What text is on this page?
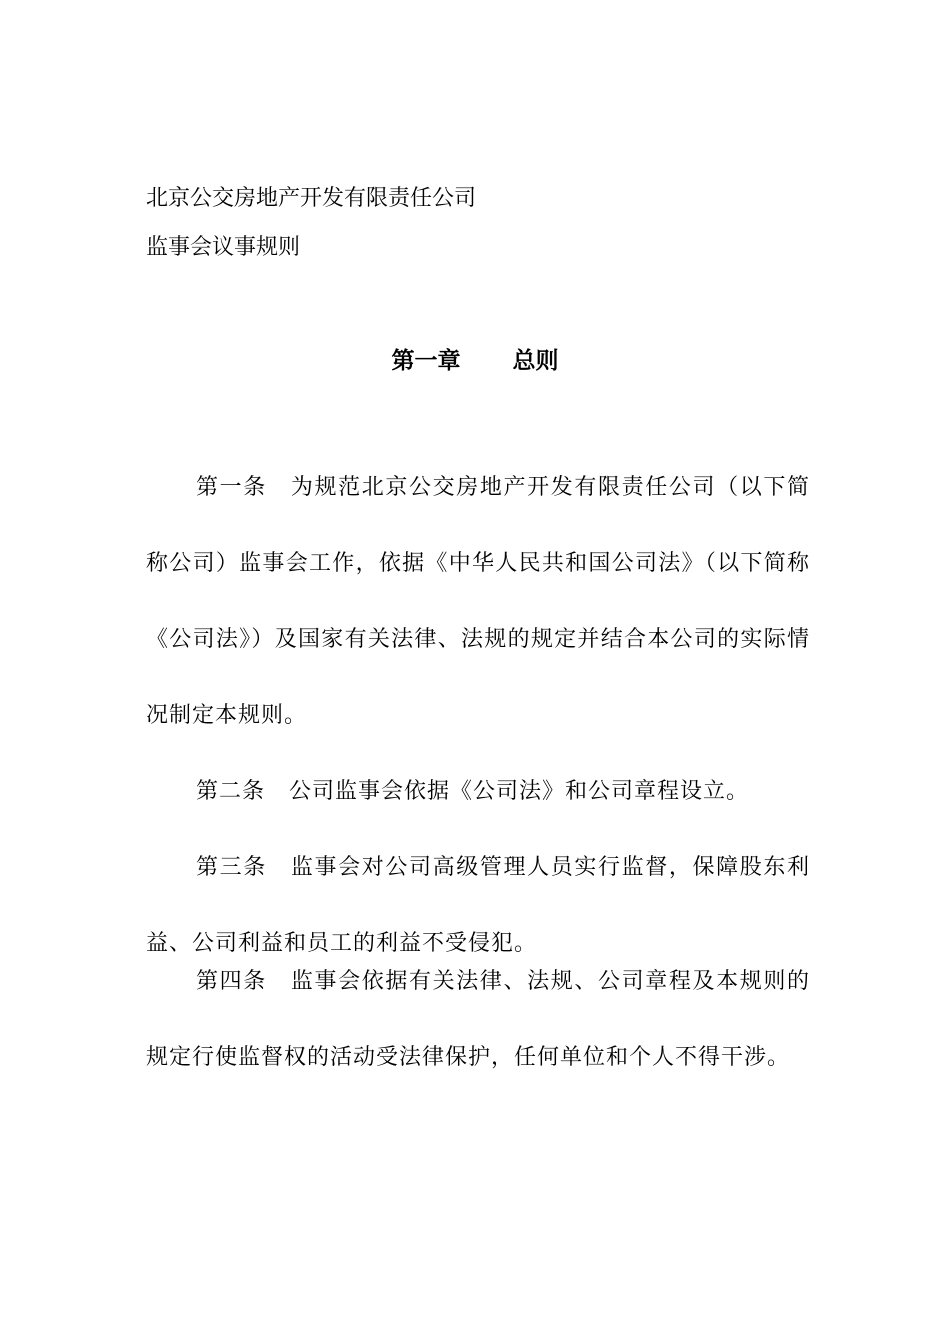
北京公交房地产开发有限责任公司
监事会议事规则
第一章 总则
第一条 为规范北京公交房地产开发有限责任公司（以下简称公司）监事会工作，依据《中华人民共和国公司法》（以下简称《公司法》）及国家有关法律、法规的规定并结合本公司的实际情况制定本规则。
第二条 公司监事会依据《公司法》和公司章程设立。
第三条 监事会对公司高级管理人员实行监督，保障股东利益、公司利益和员工的利益不受侵犯。
第四条 监事会依据有关法律、法规、公司章程及本规则的规定行使监督权的活动受法律保护，任何单位和个人不得干涉。
